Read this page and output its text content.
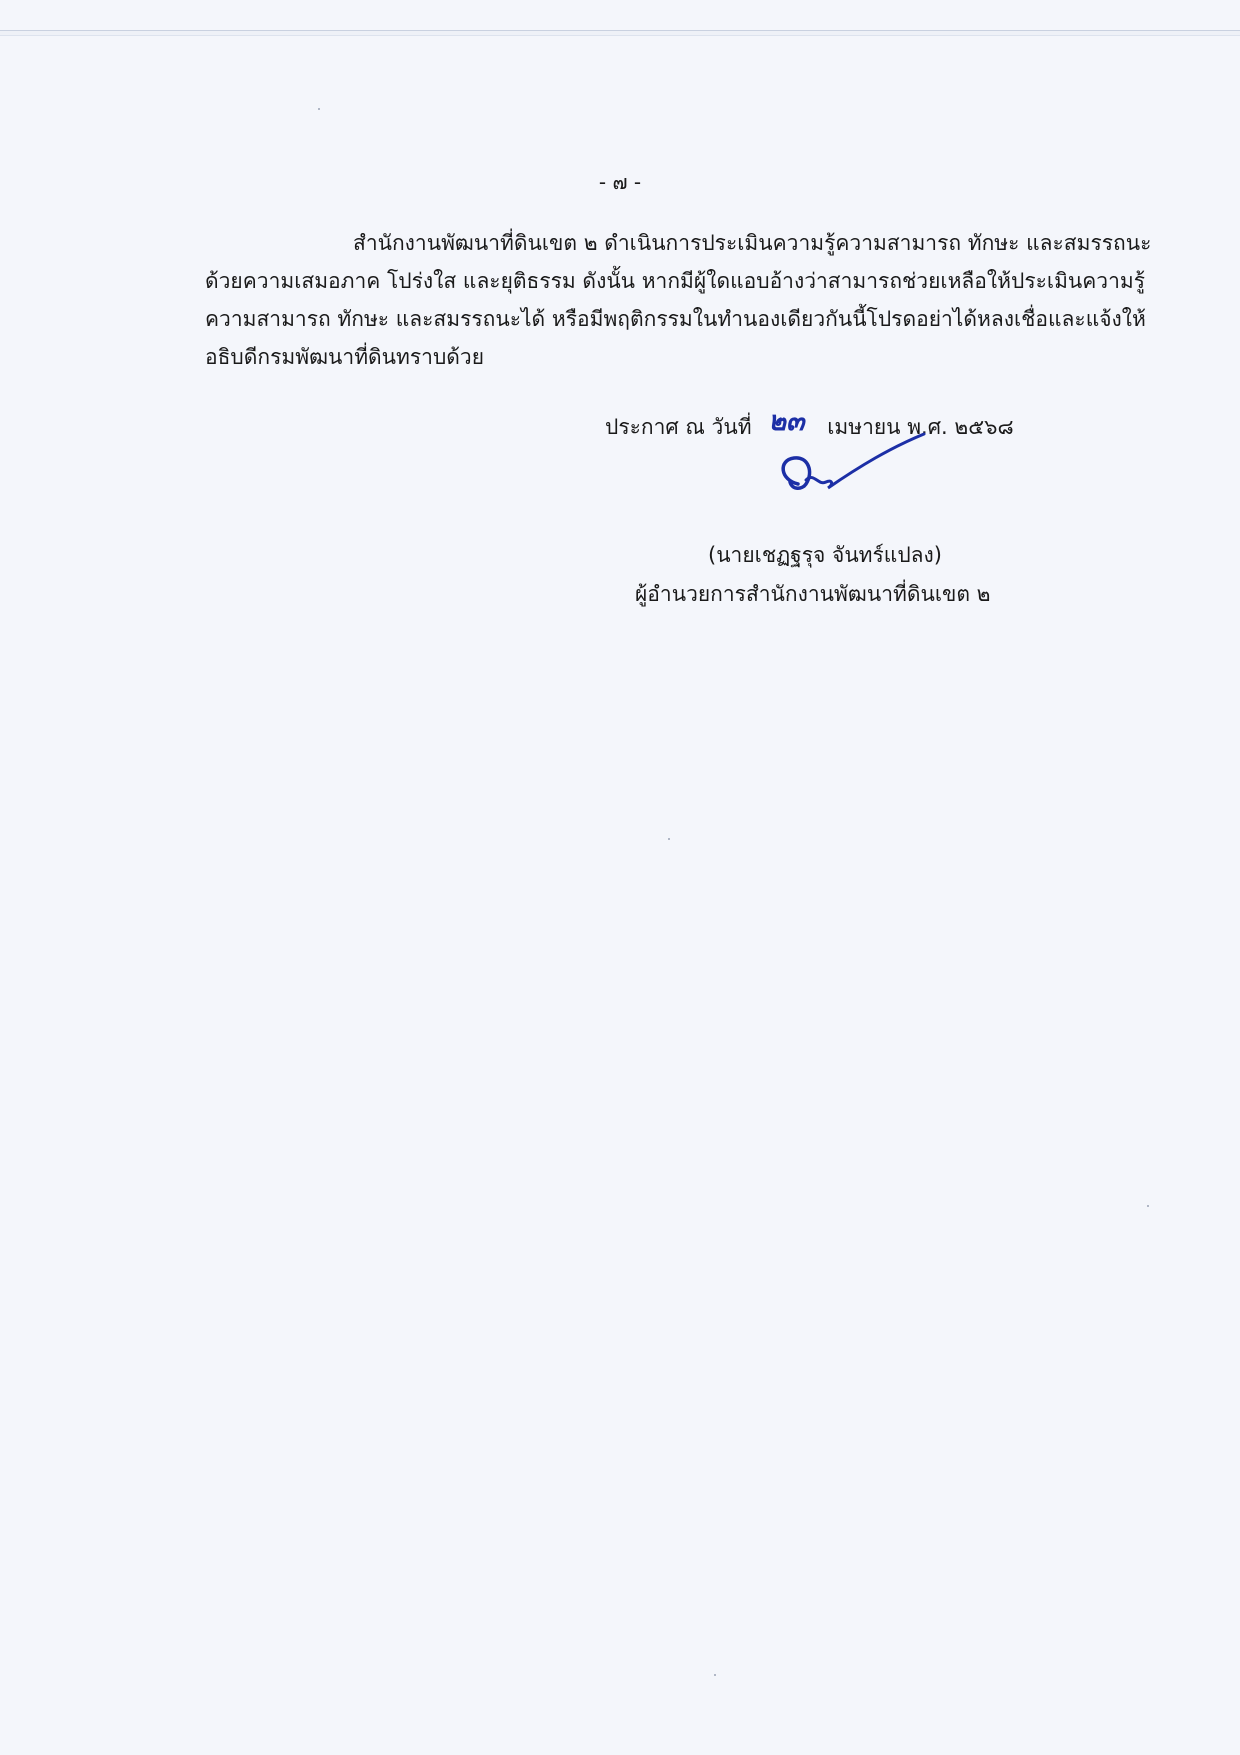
- ๗ -
สำนักงานพัฒนาที่ดินเขต ๒ ดำเนินการประเมินความรู้ความสามารถ ทักษะ และสมรรถนะ
ด้วยความเสมอภาค โปร่งใส และยุติธรรม ดังนั้น หากมีผู้ใดแอบอ้างว่าสามารถช่วยเหลือให้ประเมินความรู้
ความสามารถ ทักษะ และสมรรถนะได้ หรือมีพฤติกรรมในทำนองเดียวกันนี้โปรดอย่าได้หลงเชื่อและแจ้งให้
อธิบดีกรมพัฒนาที่ดินทราบด้วย
ประกาศ ณ วันที่ ๒๓ เมษายน พ.ศ. ๒๕๖๘
(นายเชฏฐรุจ จันทร์แปลง)
ผู้อำนวยการสำนักงานพัฒนาที่ดินเขต ๒
